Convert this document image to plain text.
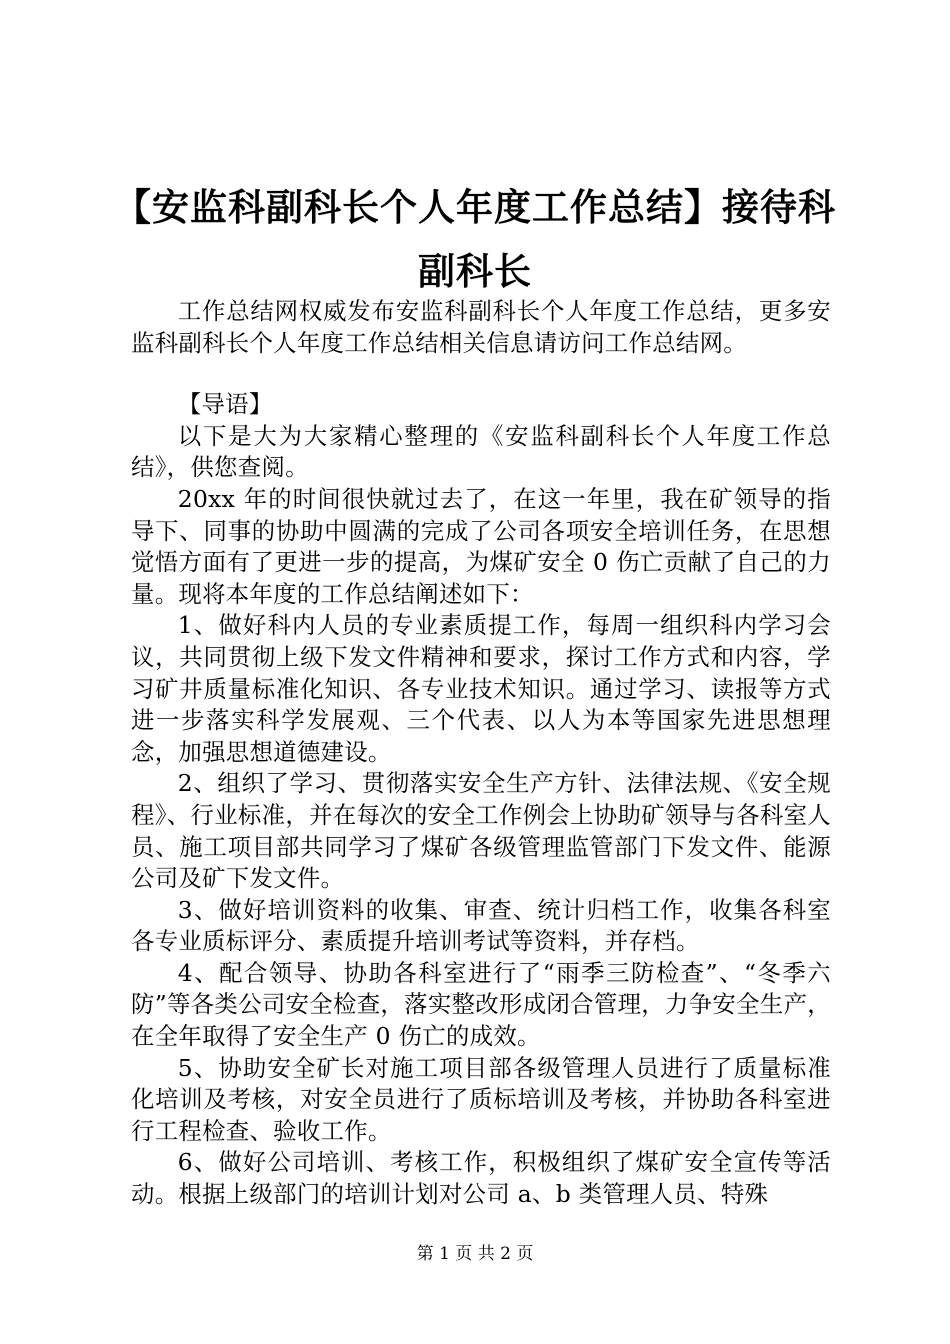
【安监科副科长个人年度工作总结】接待科副科长

工作总结网权威发布安监科副科长个人年度工作总结，更多安监科副科长个人年度工作总结相关信息请访问工作总结网。

【导语】

以下是大为大家精心整理的《安监科副科长个人年度工作总结》，供您查阅。

20xx 年的时间很快就过去了，在这一年里，我在矿领导的指导下、同事的协助中圆满的完成了公司各项安全培训任务，在思想觉悟方面有了更进一步的提高，为煤矿安全 0 伤亡贡献了自己的力量。现将本年度的工作总结阐述如下：

1、做好科内人员的专业素质提工作，每周一组织科内学习会议，共同贯彻上级下发文件精神和要求，探讨工作方式和内容，学习矿井质量标准化知识、各专业技术知识。通过学习、读报等方式进一步落实科学发展观、三个代表、以人为本等国家先进思想理念，加强思想道德建设。

2、组织了学习、贯彻落实安全生产方针、法律法规、《安全规程》、行业标准，并在每次的安全工作例会上协助矿领导与各科室人员、施工项目部共同学习了煤矿各级管理监管部门下发文件、能源公司及矿下发文件。

3、做好培训资料的收集、审查、统计归档工作，收集各科室各专业质标评分、素质提升培训考试等资料，并存档。

4、配合领导、协助各科室进行了“雨季三防检查”、“冬季六防”等各类公司安全检查，落实整改形成闭合管理，力争安全生产，在全年取得了安全生产 0 伤亡的成效。

5、协助安全矿长对施工项目部各级管理人员进行了质量标准化培训及考核，对安全员进行了质标培训及考核，并协助各科室进行工程检查、验收工作。

6、做好公司培训、考核工作，积极组织了煤矿安全宣传等活动。根据上级部门的培训计划对公司 a、b 类管理人员、特殊

第 1 页 共 2 页
